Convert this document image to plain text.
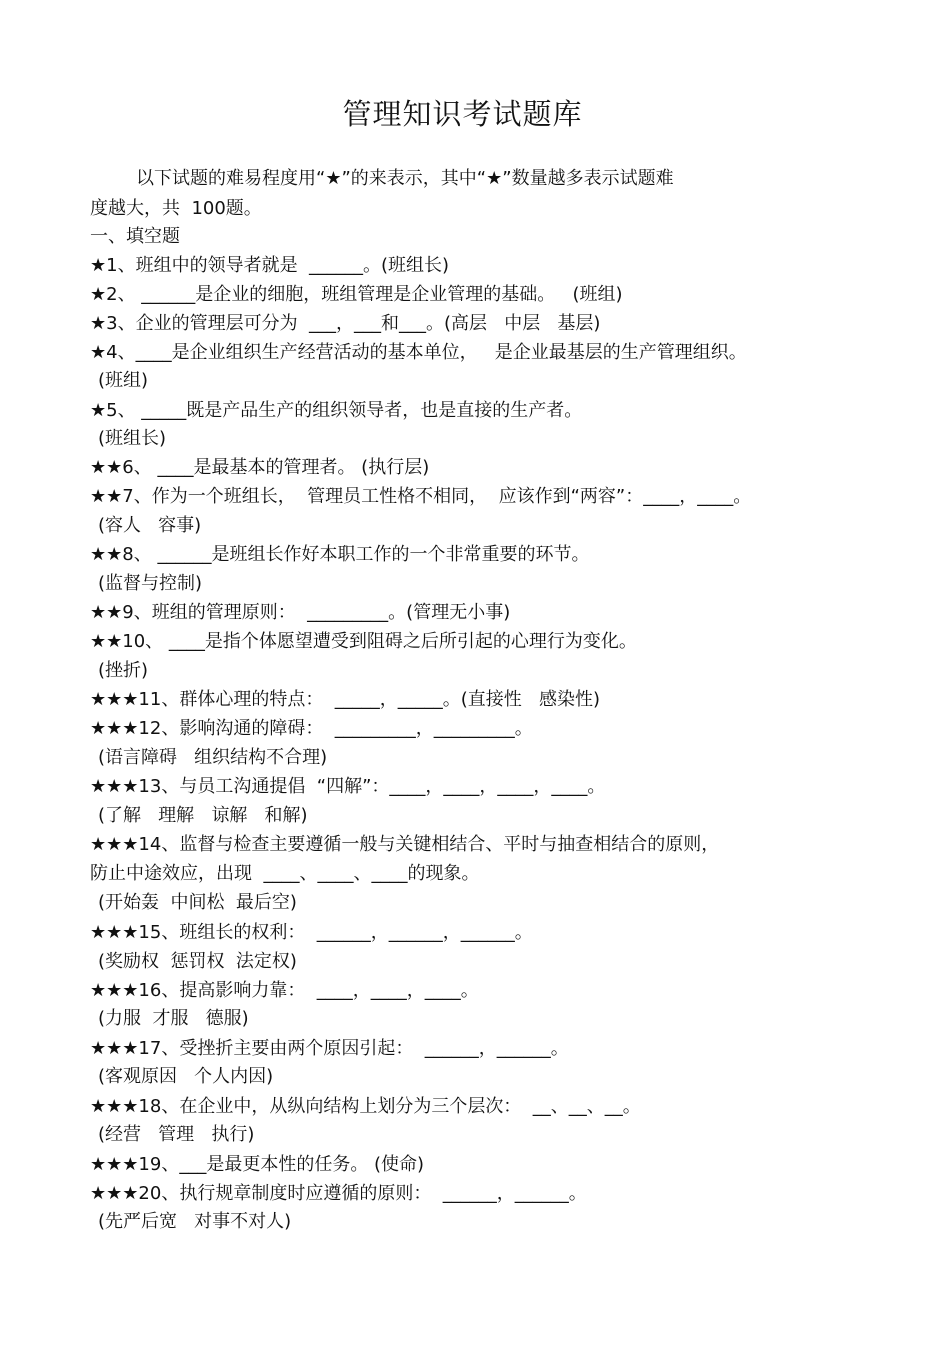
管理知识考试题库
以下试题的难易程度用“★”的来表示，其中“★”数量越多表示试题难
度越大，共  100题。
一、填空题
★1、班组中的领导者就是  ______。(班组长)
★2、 ______是企业的细胞，班组管理是企业管理的基础。   (班组)
★3、企业的管理层可分为  ___，___和___。(高层   中层   基层)
★4、____是企业组织生产经营活动的基本单位，   是企业最基层的生产管理组织。
(班组)
★5、 _____既是产品生产的组织领导者，也是直接的生产者。
(班组长)
★★6、 ____是最基本的管理者。 (执行层)
★★7、作为一个班组长，  管理员工性格不相同，  应该作到“两容”：____，____。
(容人   容事)
★★8、 ______是班组长作好本职工作的一个非常重要的环节。
(监督与控制)
★★9、班组的管理原则：  _________。(管理无小事)
★★10、 ____是指个体愿望遭受到阻碍之后所引起的心理行为变化。
(挫折)
★★★11、群体心理的特点：  _____，_____。(直接性   感染性)
★★★12、影响沟通的障碍：  _________，_________。
(语言障碍   组织结构不合理)
★★★13、与员工沟通提倡  “四解”：____，____，____，____。
(了解   理解   谅解   和解)
★★★14、监督与检查主要遵循一般与关键相结合、平时与抽查相结合的原则，
防止中途效应，出现  ____、____、____的现象。
(开始轰  中间松  最后空)
★★★15、班组长的权利：  ______，______，______。
(奖励权  惩罚权  法定权)
★★★16、提高影响力靠：  ____，____，____。
(力服  才服   德服)
★★★17、受挫折主要由两个原因引起：  ______，______。
(客观原因   个人内因)
★★★18、在企业中，从纵向结构上划分为三个层次：  __、__、__。
(经营   管理   执行)
★★★19、___是最更本性的任务。 (使命)
★★★20、执行规章制度时应遵循的原则：  ______，______。
(先严后宽   对事不对人)
